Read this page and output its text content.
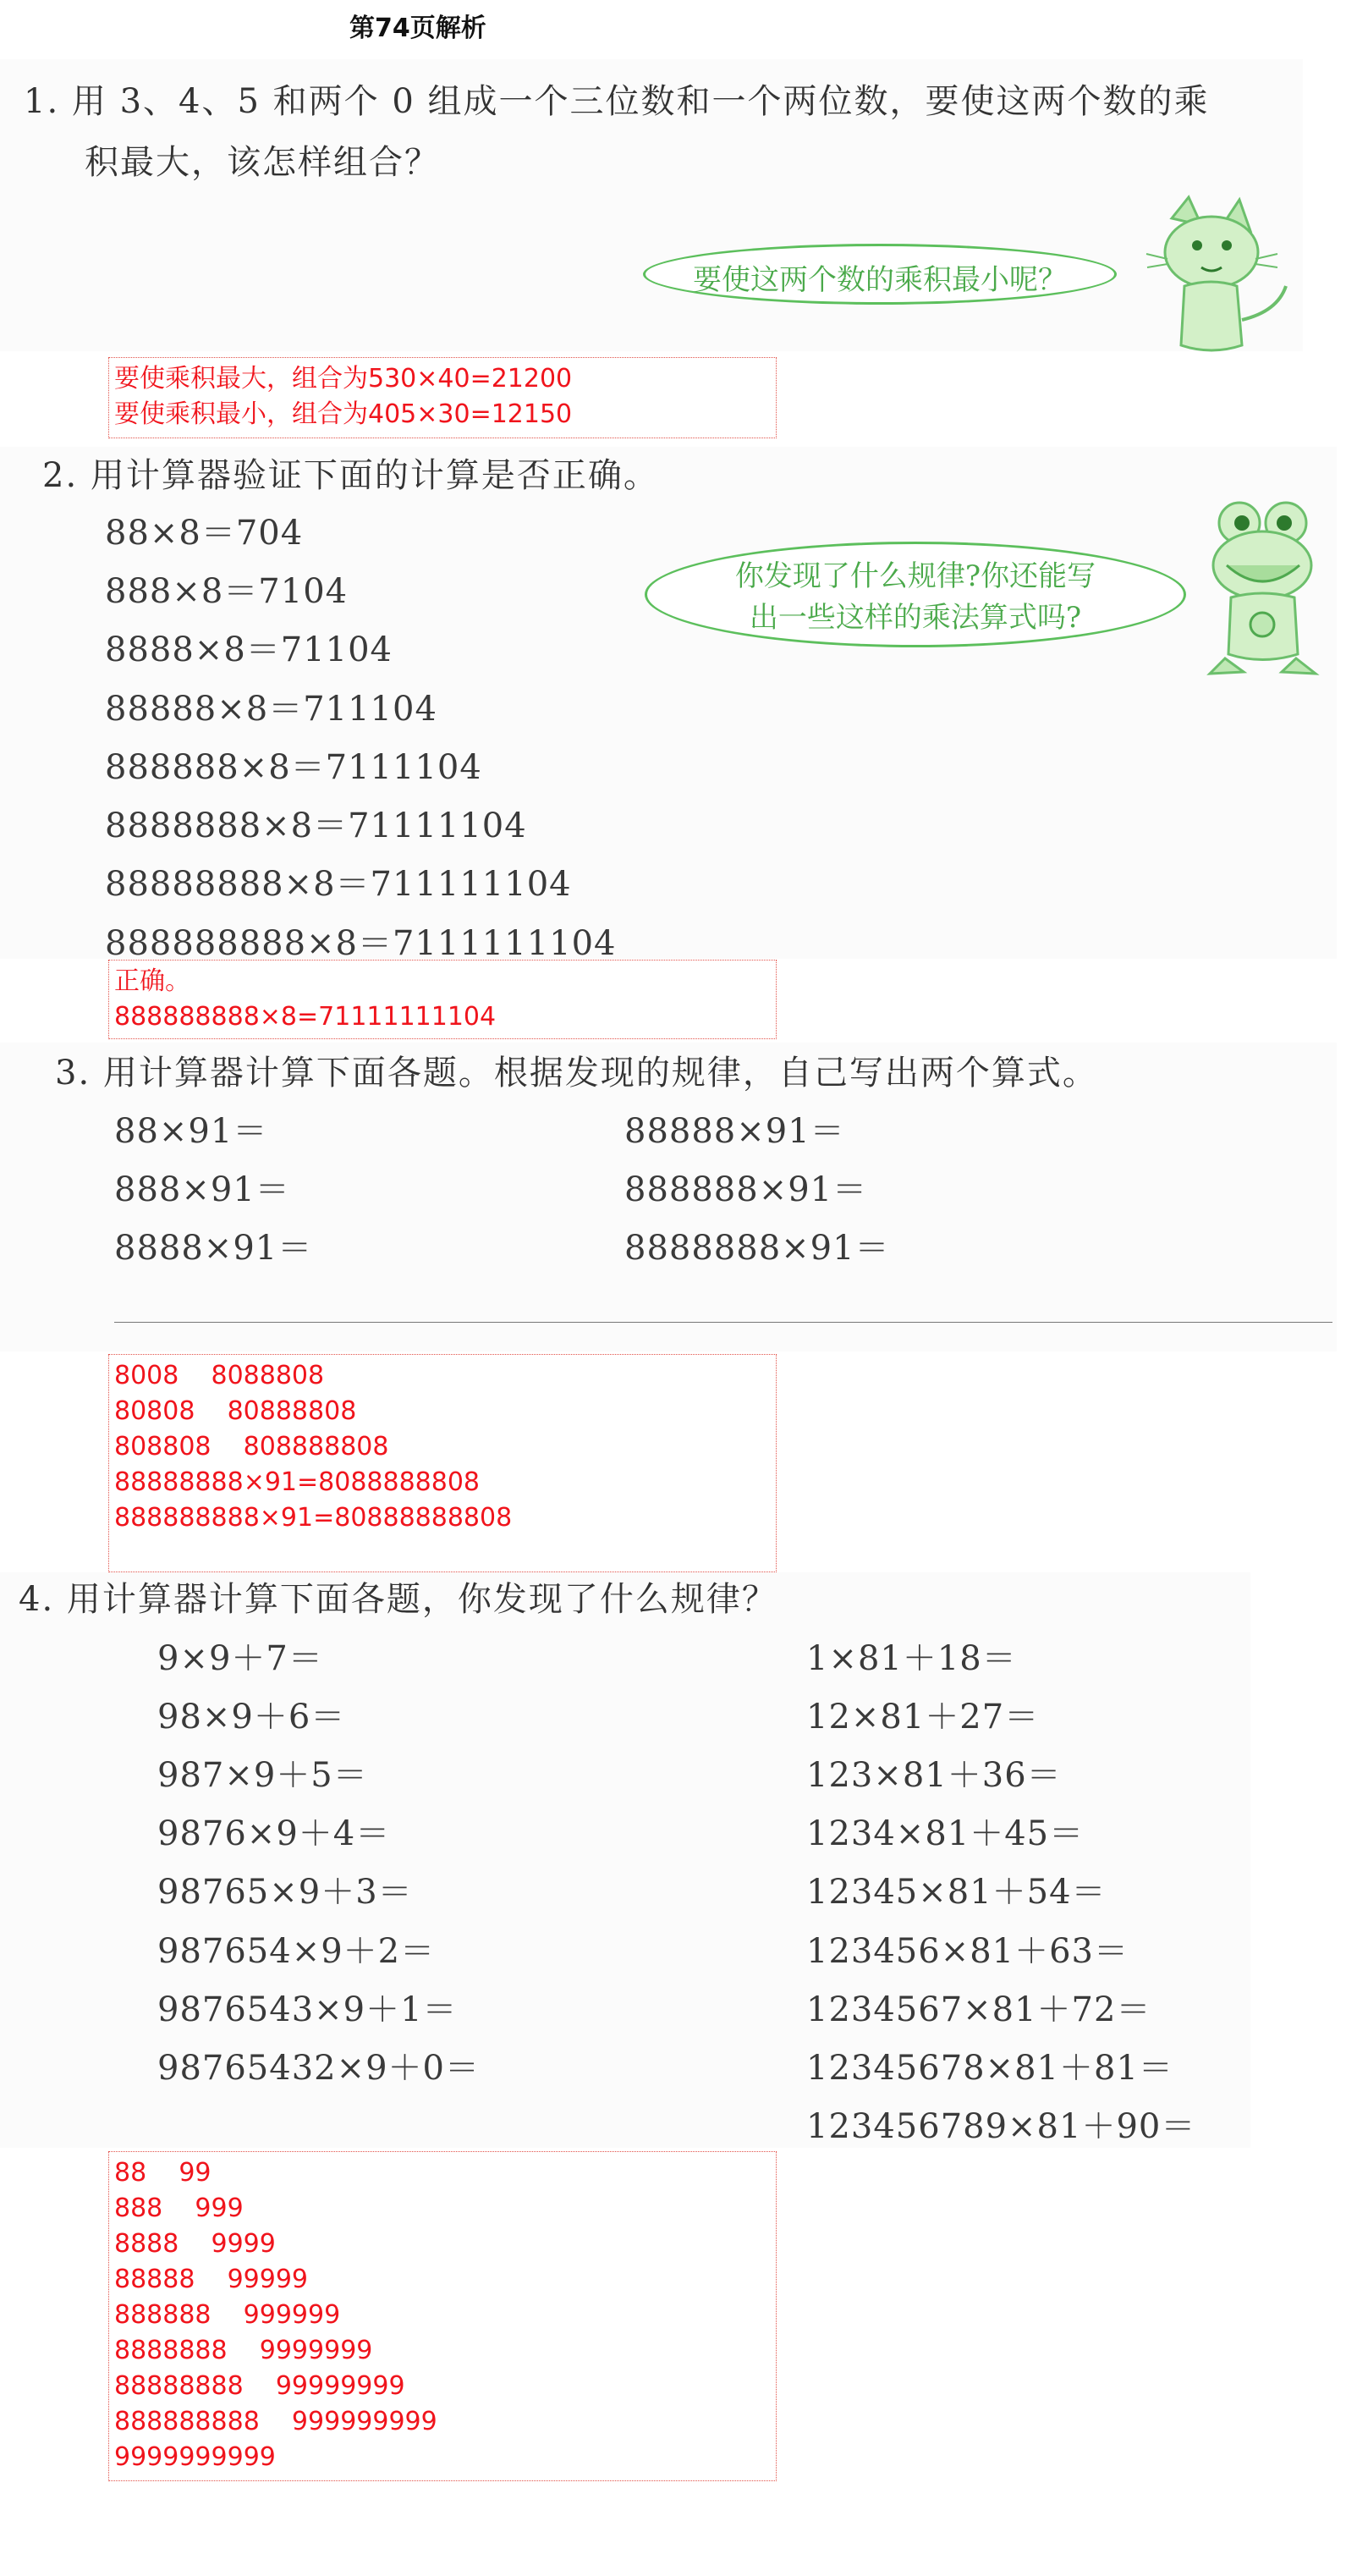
第74页解析
1. 用 3、4、5 和两个 0 组成一个三位数和一个两位数，要使这两个数的乘
积最大，该怎样组合？
要使这两个数的乘积最小呢？
要使乘积最大，组合为530×40=21200
要使乘积最小，组合为405×30=12150
2. 用计算器验证下面的计算是否正确。
88×8＝704
888×8＝7104
8888×8＝71104
88888×8＝711104
888888×8＝7111104
8888888×8＝71111104
88888888×8＝711111104
888888888×8＝7111111104
你发现了什么规律?你还能写
出一些这样的乘法算式吗?
正确。
888888888×8=71111111104
3. 用计算器计算下面各题。根据发现的规律，自己写出两个算式。
88×91＝
888×91＝
8888×91＝
88888×91＝
888888×91＝
8888888×91＝
8008    8088808
80808    80888808
808808    808888808
88888888×91=8088888808
888888888×91=80888888808
4. 用计算器计算下面各题，你发现了什么规律？
9×9＋7＝
98×9＋6＝
987×9＋5＝
9876×9＋4＝
98765×9＋3＝
987654×9＋2＝
9876543×9＋1＝
98765432×9＋0＝
1×81＋18＝
12×81＋27＝
123×81＋36＝
1234×81＋45＝
12345×81＋54＝
123456×81＋63＝
1234567×81＋72＝
12345678×81＋81＝
123456789×81＋90＝
88    99
888    999
8888    9999
88888    99999
888888    999999
8888888    9999999
88888888    99999999
888888888    999999999
9999999999
